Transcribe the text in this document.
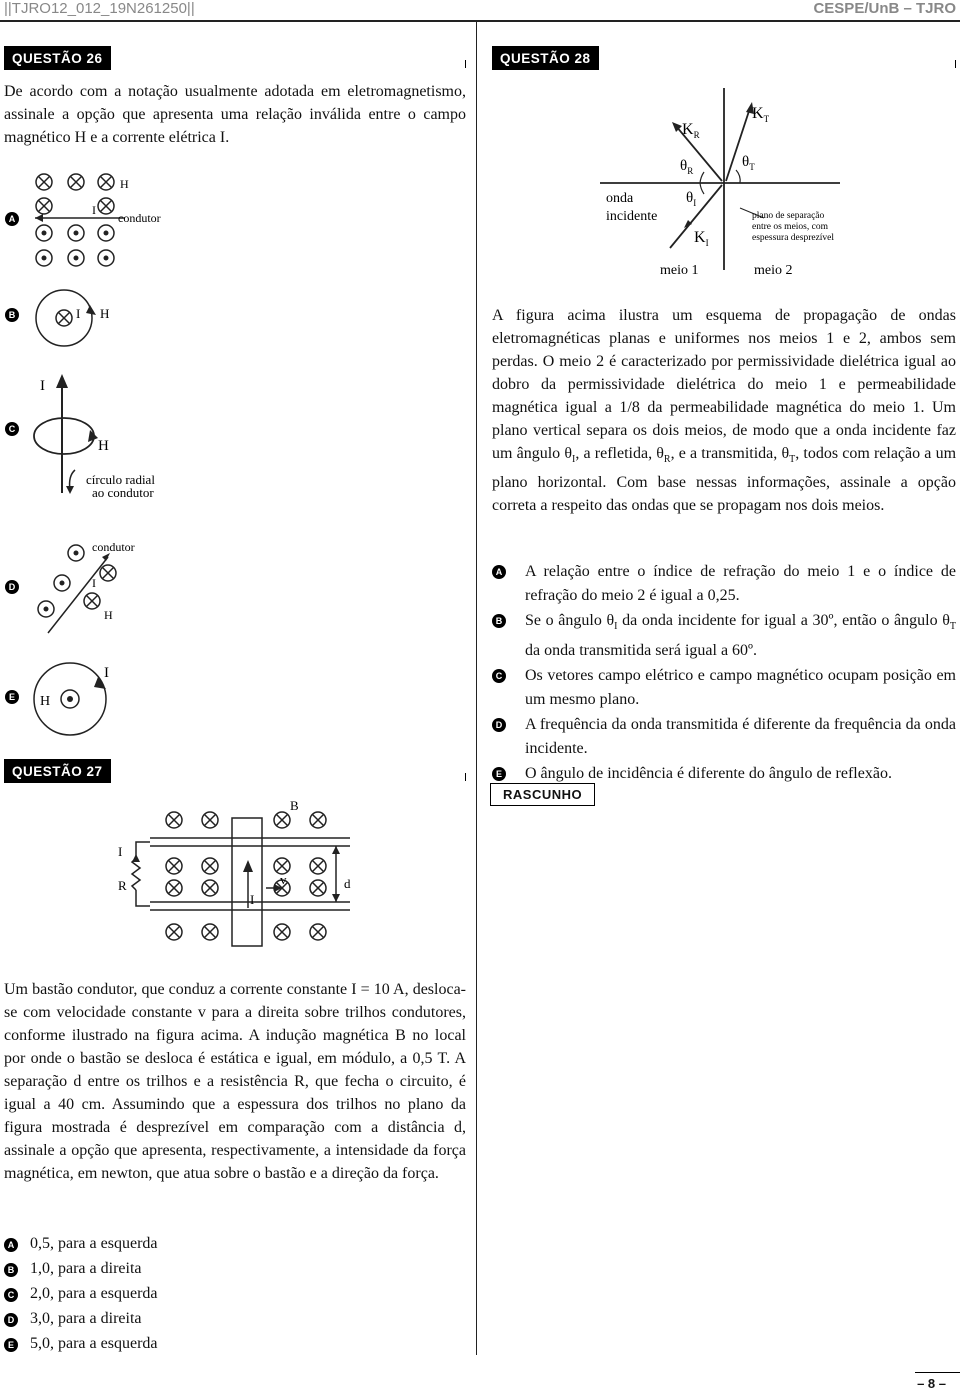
||TJRO12_012_19N261250||	CESPE/UnB – TJRO
QUESTÃO 26
De acordo com a notação usualmente adotada em eletromagnetismo, assinale a opção que apresenta uma relação inválida entre o campo magnético H e a corrente elétrica I.
A
H
I
condutor
B	I H
C
I
H
círculo radial
ao condutor
D
condutor
I
H
E H
I
QUESTÃO 27
B
I
R	v	d
I
Um bastão condutor, que conduz a corrente constante I = 10 A, desloca-se com velocidade constante v para a direita sobre trilhos condutores, conforme ilustrado na figura acima. A indução magnética B no local por onde o bastão se desloca é estática e igual, em módulo, a 0,5 T. A separação d entre os trilhos e a resistência R, que fecha o circuito, é igual a 40 cm. Assumindo que a espessura dos trilhos no plano da figura mostrada é desprezível em comparação com a distância d, assinale a opção que apresenta, respectivamente, a intensidade da força magnética, em newton, que atua sobre o bastão e a direção da força.
A 0,5, para a esquerda
B 1,0, para a direita
C 2,0, para a esquerda
D 3,0, para a direita
E 5,0, para a esquerda
QUESTÃO 28
$K_R$
$K_T$
$\theta_R$
$\theta_T$
$\theta_I$
$K_I$
onda
incidente	plano de separação
entre os meios, com
espessura desprezível
meio 1	meio 2
A figura acima ilustra um esquema de propagação de ondas eletromagnéticas planas e uniformes nos meios 1 e 2, ambos sem perdas. O meio 2 é caracterizado por permissividade dielétrica igual ao dobro da permissividade dielétrica do meio 1 e permeabilidade magnética igual a 1/8 da permeabilidade magnética do meio 1. Um plano vertical separa os dois meios, de modo que a onda incidente faz um ângulo $\theta_I$, a refletida, $\theta_R$, e a transmitida, $\theta_T$, todos com relação a um plano horizontal. Com base nessas informações, assinale a opção correta a respeito das ondas que se propagam nos dois meios.
A A relação entre o índice de refração do meio 1 e o índice de refração do meio 2 é igual a 0,25.
B Se o ângulo $\theta_I$ da onda incidente for igual a 30º, então o ângulo $\theta_T$ da onda transmitida será igual a 60º.
C Os vetores campo elétrico e campo magnético ocupam posição em um mesmo plano.
D A frequência da onda transmitida é diferente da frequência da onda incidente.
E O ângulo de incidência é diferente do ângulo de reflexão.
RASCUNHO
– 8 –
